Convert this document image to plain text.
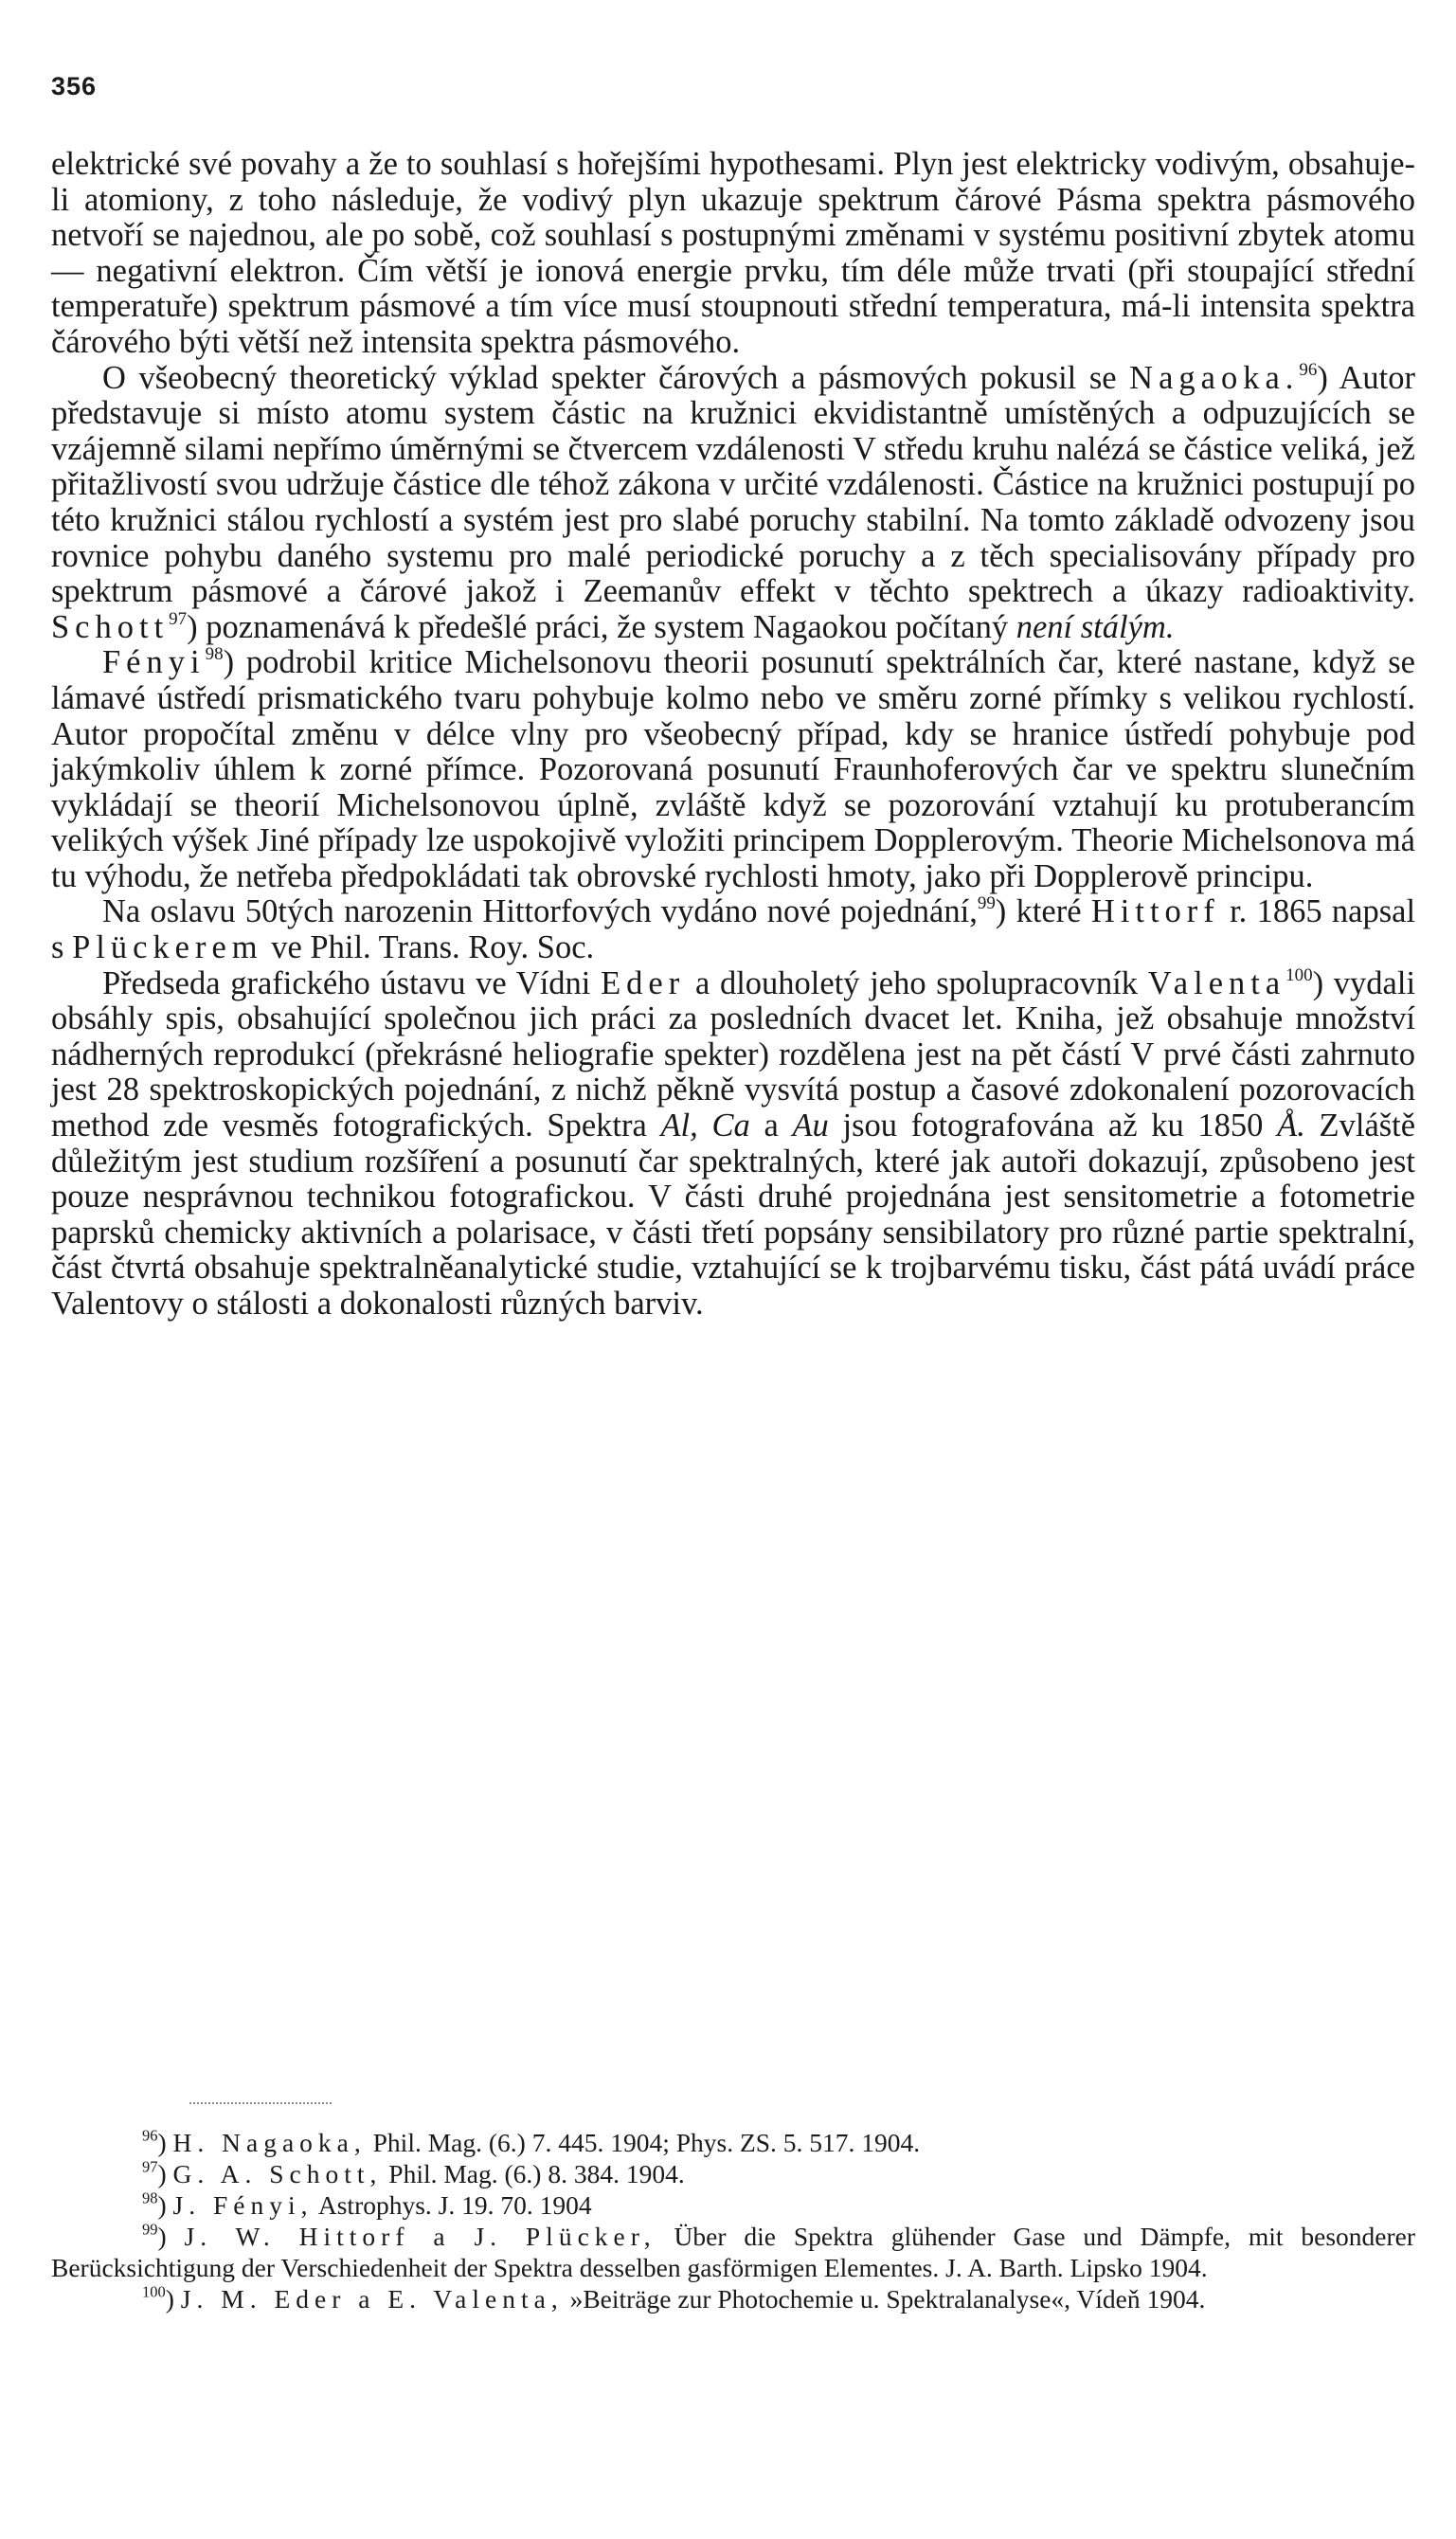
356

elektrické své povahy a že to souhlasí s hořejšími hypothesami. Plyn jest elektricky vodivým, obsahuje-li atomiony, z toho následuje, že vodivý plyn ukazuje spektrum čárové Pásma spektra pásmového netvoří se najednou, ale po sobě, což souhlasí s postupnými změnami v systému positivní zbytek atomu — negativní elektron. Čím větší je ionová energie prvku, tím déle může trvati (při stoupající střední temperatuře) spektrum pásmové a tím více musí stoupnouti střední temperatura, má-li intensita spektra čárového býti větší než intensita spektra pásmového.

O všeobecný theoretický výklad spekter čárových a pásmových pokusil se Nagaoka.$^{96}$) Autor představuje si místo atomu system částic na kružnici ekvidistantně umístěných a odpuzujících se vzájemně silami nepřímo úměrnými se čtvercem vzdálenosti V středu kruhu nalézá se částice veliká, jež přitažlivostí svou udržuje částice dle téhož zákona v určité vzdálenosti. Částice na kružnici postupují po této kružnici stálou rychlostí a systém jest pro slabé poruchy stabilní. Na tomto základě odvozeny jsou rovnice pohybu daného systemu pro malé periodické poruchy a z těch specialisovány případy pro spektrum pásmové a čárové jakož i Zeemanův effekt v těchto spektrech a úkazy radioaktivity. Schott$^{97}$) poznamenává k předešlé práci, že system Nagaokou počítaný není stálým.

Fényi$^{98}$) podrobil kritice Michelsonovu theorii posunutí spektrálních čar, které nastane, když se lámavé ústředí prismatického tvaru pohybuje kolmo nebo ve směru zorné přímky s velikou rychlostí. Autor propočítal změnu v délce vlny pro všeobecný případ, kdy se hranice ústředí pohybuje pod jakýmkoliv úhlem k zorné přímce. Pozorovaná posunutí Fraunhoferových čar ve spektru slunečním vykládají se theorií Michelsonovou úplně, zvláště když se pozorování vztahují ku protuberancím velikých výšek Jiné případy lze uspokojivě vyložiti principem Dopplerovým. Theorie Michelsonova má tu výhodu, že netřeba předpokládati tak obrovské rychlosti hmoty, jako při Dopplerově principu.

Na oslavu 50tých narozenin Hittorfových vydáno nové pojednání,$^{99}$) které Hittorf r. 1865 napsal s Plückerem ve Phil. Trans. Roy. Soc.

Předseda grafického ústavu ve Vídni Eder a dlouholetý jeho spolupracovník Valenta$^{100}$) vydali obsáhly spis, obsahující společnou jich práci za posledních dvacet let. Kniha, jež obsahuje množství nádherných reprodukcí (překrásné heliografie spekter) rozdělena jest na pět částí V prvé části zahrnuto jest 28 spektroskopických pojednání, z nichž pěkně vysvítá postup a časové zdokonalení pozorovacích method zde vesměs fotografických. Spektra Al, Ca a Au jsou fotografována až ku 1850 Å. Zvláště důležitým jest studium rozšíření a posunutí čar spektralných, které jak autoři dokazují, způsobeno jest pouze nesprávnou technikou fotografickou. V části druhé projednána jest sensitometrie a fotometrie paprsků chemicky aktivních a polarisace, v části třetí popsány sensibilatory pro různé partie spektralní, část čtvrtá obsahuje spektralněanalytické studie, vztahující se k trojbarvému tisku, část pátá uvádí práce Valentovy o stálosti a dokonalosti různých barviv.

$^{96}$) H. Nagaoka, Phil. Mag. (6.) 7. 445. 1904; Phys. ZS. 5. 517. 1904.

$^{97}$) G. A. Schott, Phil. Mag. (6.) 8. 384. 1904.

$^{98}$) J. Fényi, Astrophys. J. 19. 70. 1904

$^{99}$) J. W. Hittorf a J. Plücker, Über die Spektra glühender Gase und Dämpfe, mit besonderer Berücksichtigung der Verschiedenheit der Spektra desselben gasförmigen Elementes. J. A. Barth. Lipsko 1904.

$^{100}$) J. M. Eder a E. Valenta, »Beiträge zur Photochemie u. Spektralanalyse«, Vídeň 1904.
